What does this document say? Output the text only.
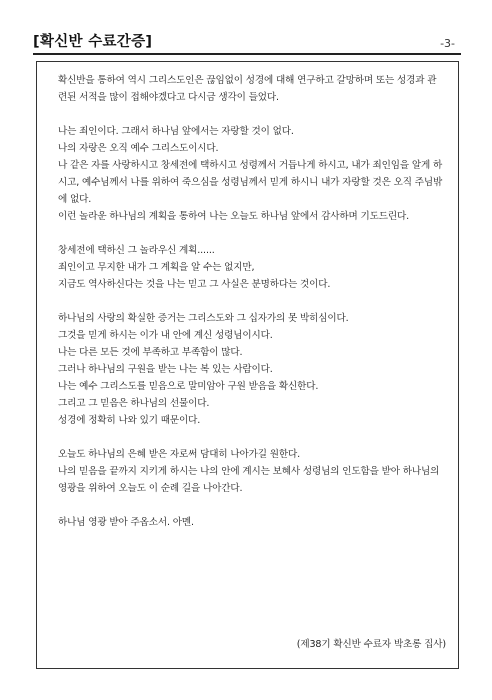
[확신반 수료간증]	-3-

확신반을 통하여 역시 그리스도인은 끊임없이 성경에 대해 연구하고 갈망하며 또는 성경과 관련된 서적을 많이 접해야겠다고 다시금 생각이 들었다.

나는 죄인이다. 그래서 하나님 앞에서는 자랑할 것이 없다.

나의 자랑은 오직 예수 그리스도이시다.

나 같은 자를 사랑하시고 창세전에 택하시고 성령께서 거듭나게 하시고, 내가 죄인임을 알게 하시고, 예수님께서 나를 위하여 죽으심을 성령님께서 믿게 하시니 내가 자랑할 것은 오직 주님밖에 없다.

이런 놀라운 하나님의 계획을 통하여 나는 오늘도 하나님 앞에서 감사하며 기도드린다.

창세전에 택하신 그 놀라우신 계획......

죄인이고 무지한 내가 그 계획을 알 수는 없지만,

지금도 역사하신다는 것을 나는 믿고 그 사실은 분명하다는 것이다.

하나님의 사랑의 확실한 증거는 그리스도와 그 십자가의 못 박히심이다.

그것을 믿게 하시는 이가 내 안에 계신 성령님이시다.

나는 다른 모든 것에 부족하고 부족함이 많다.

그러나 하나님의 구원을 받는 나는 복 있는 사람이다.

나는 예수 그리스도를 믿음으로 말미암아 구원 받음을 확신한다.

그리고 그 믿음은 하나님의 선물이다.

성경에 정확히 나와 있기 때문이다.

오늘도 하나님의 은혜 받은 자로써 담대히 나아가길 원한다.

나의 믿음을 끝까지 지키게 하시는 나의 안에 계시는 보혜사 성령님의 인도함을 받아 하나님의 영광을 위하여 오늘도 이 순례 길을 나아간다.

하나님 영광 받아 주옵소서. 아멘.

(제38기 확신반 수료자 박초롱 집사)
